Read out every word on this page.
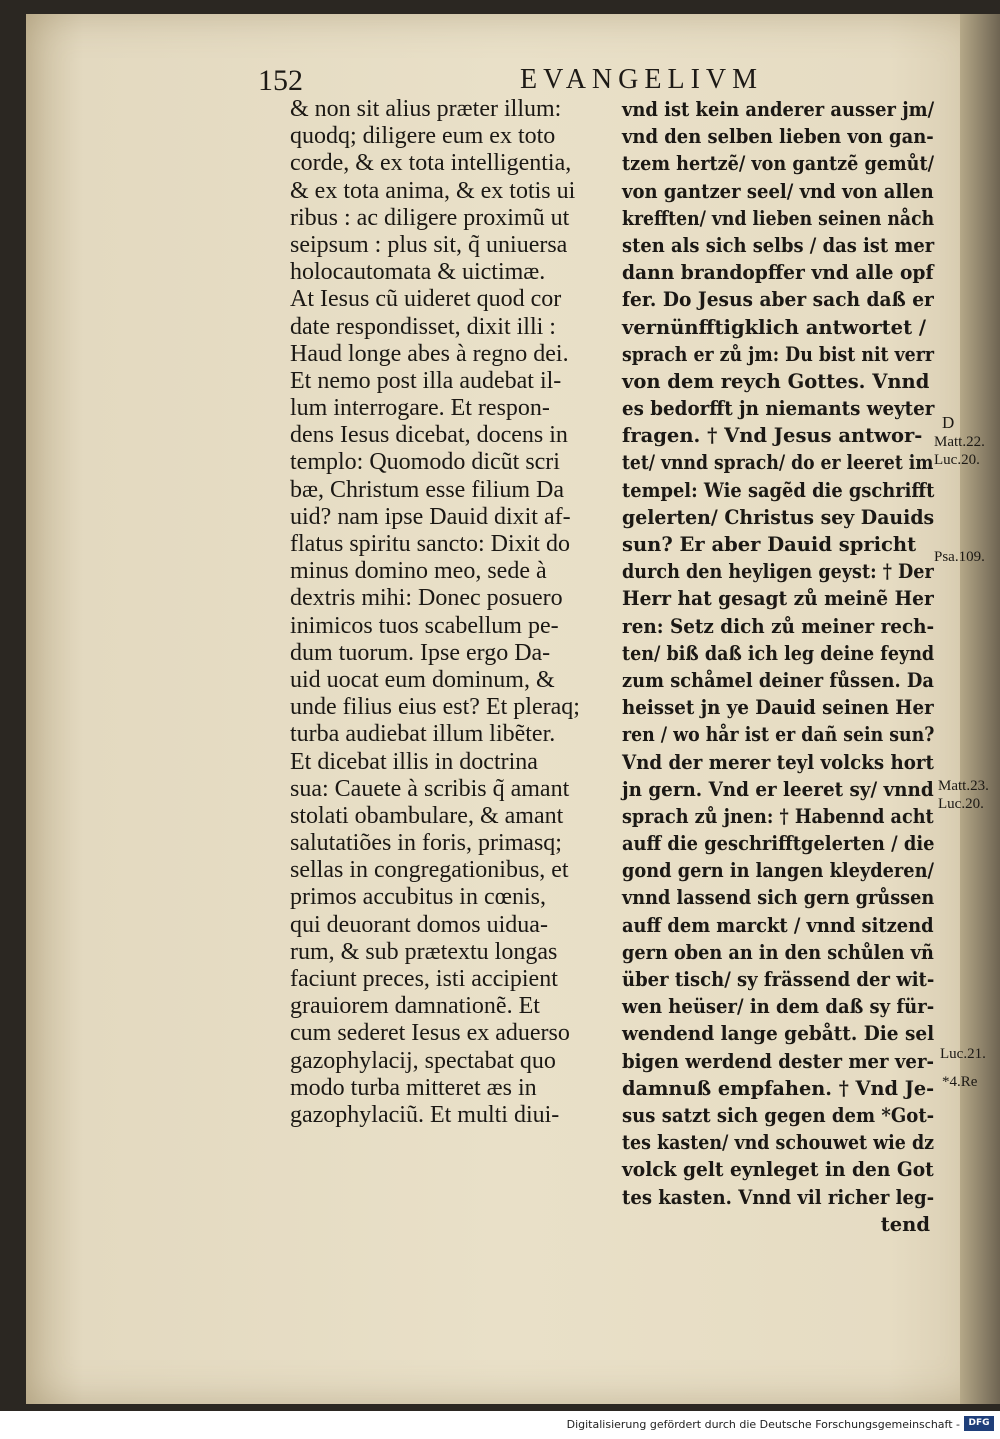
152	EVANGELIVM
& non sit alius præter illum:
quodq; diligere eum ex toto
corde, & ex tota intelligentia,
& ex tota anima, & ex totis ui
ribus : ac diligere proximũ ut
seipsum : plus sit, q̃ uniuersa
holocautomata & uictimæ.
At Iesus cũ uideret quod cor
date respondisset, dixit illi :
Haud longe abes à regno dei.
Et nemo post illa audebat il-
lum interrogare. Et respon-
dens Iesus dicebat, docens in
templo: Quomodo dicũt scri
bæ, Christum esse filium Da
uid? nam ipse Dauid dixit af-
flatus spiritu sancto: Dixit do
minus domino meo, sede à
dextris mihi: Donec posuero
inimicos tuos scabellum pe-
dum tuorum. Ipse ergo Da-
uid uocat eum dominum, &
unde filius eius est? Et pleraq;
turba audiebat illum libẽter.
Et dicebat illis in doctrina
sua: Cauete à scribis q̃ amant
stolati obambulare, & amant
salutatiões in foris, primasq;
sellas in congregationibus, et
primos accubitus in cœnis,
qui deuorant domos uidua-
rum, & sub prætextu longas
faciunt preces, isti accipient
grauiorem damnationẽ. Et
cum sederet Iesus ex aduerso
gazophylacij, spectabat quo
modo turba mitteret æs in
gazophylaciũ. Et multi diui-
vnd ist kein anderer ausser jm/
vnd den selben lieben von gan-
tzem hertzẽ/ von gantzẽ gemůt/
von gantzer seel/ vnd von allen
krefften/ vnd lieben seinen nåch
sten als sich selbs / das ist mer
dann brandopffer vnd alle opf
fer. Do Jesus aber sach daß er
vernünfftigklich antwortet /
sprach er zů jm: Du bist nit verr
von dem reych Gottes. Vnnd
es bedorfft jn niemants weyter
fragen. † Vnd Jesus antwor-
tet/ vnnd sprach/ do er leeret im
tempel: Wie sagẽd die gschrifft
gelerten/ Christus sey Dauids
sun? Er aber Dauid spricht
durch den heyligen geyst: † Der
Herr hat gesagt zů meinẽ Her
ren: Setz dich zů meiner rech-
ten/ biß daß ich leg deine feynd
zum schåmel deiner fůssen. Da
heisset jn ye Dauid seinen Her
ren / wo hår ist er dañ sein sun?
Vnd der merer teyl volcks hort
jn gern. Vnd er leeret sy/ vnnd
sprach zů jnen: † Habennd acht
auff die geschrifftgelerten / die
gond gern in langen kleyderen/
vnnd lassend sich gern grůssen
auff dem marckt / vnnd sitzend
gern oben an in den schůlen vñ
über tisch/ sy frässend der wit-
wen heüser/ in dem daß sy für-
wendend lange gebått. Die sel
bigen werdend dester mer ver-
damnuß empfahen. † Vnd Je-
sus satzt sich gegen dem *Got-
tes kasten/ vnd schouwet wie dz
volck gelt eynleget in den Got
tes kasten. Vnnd vil richer leg-
tend
D
Matt.22.
Luc.20.
Psa.109.
Matt.23.
Luc.20.
Luc.21.
*4.Re
Digitalisierung gefördert durch die Deutsche Forschungsgemeinschaft - DFG
